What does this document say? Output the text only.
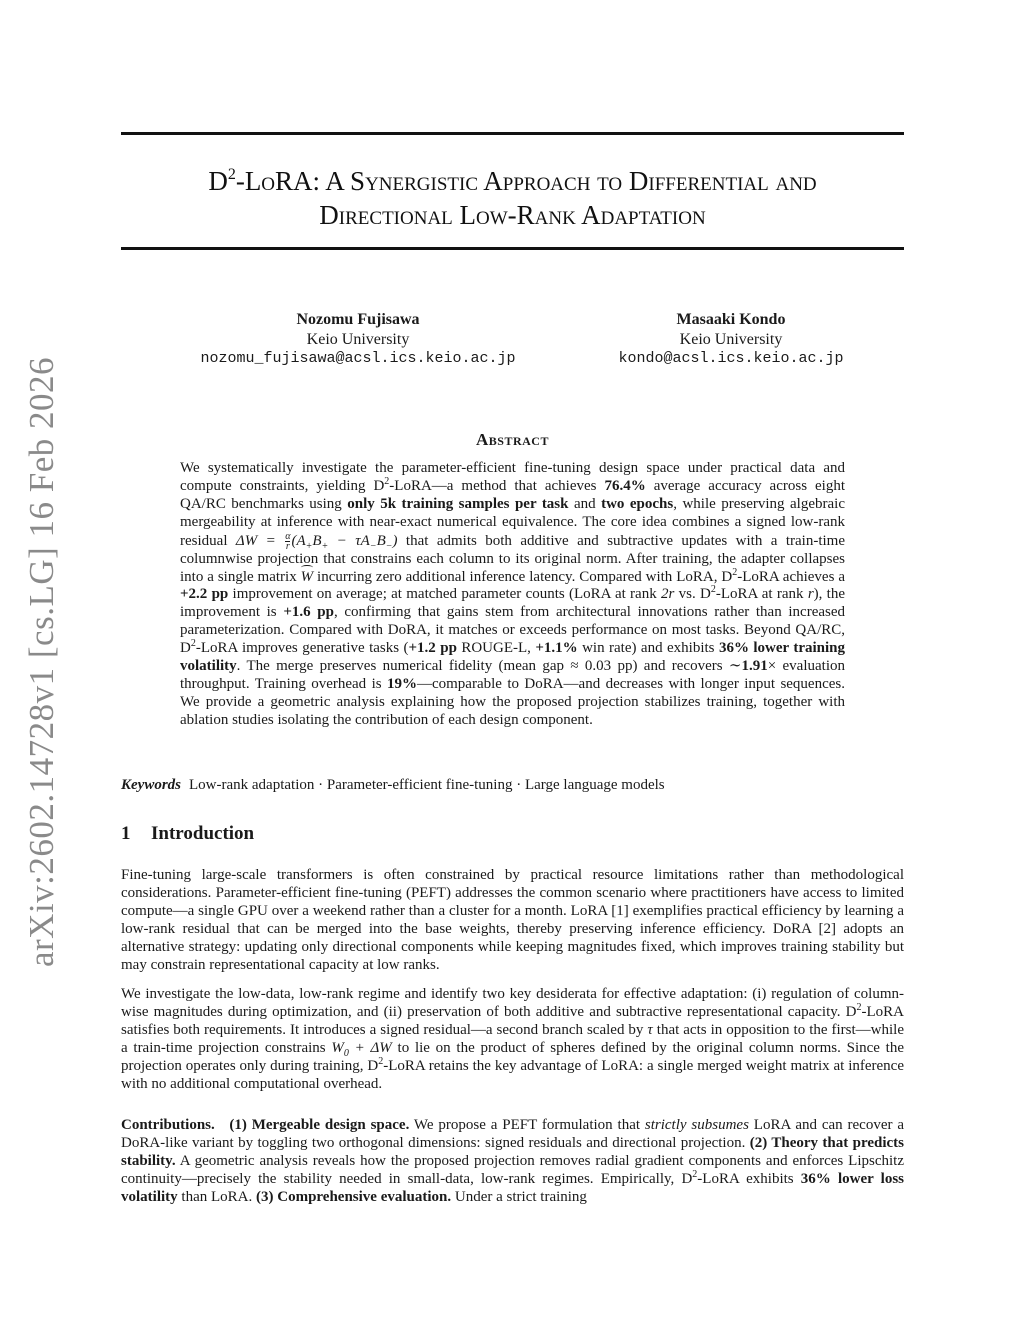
arXiv:2602.14728v1 [cs.LG] 16 Feb 2026
$D^2$-LoRA: A Synergistic Approach to Differential and
Directional Low-Rank Adaptation
Nozomu Fujisawa
Keio University
nozomu_fujisawa@acsl.ics.keio.ac.jp
Masaaki Kondo
Keio University
kondo@acsl.ics.keio.ac.jp
Abstract

We systematically investigate the parameter-efficient fine-tuning design space under practical data and compute constraints, yielding $D^2-LoRA—a$ method that achieves 76.4% average accuracy across eight QA/RC benchmarks using only 5k training samples per task and two epochs, while preserving algebraic mergeability at inference with near-exact numerical equivalence. The core idea combines a signed low-rank residual $\Delta W = \frac{\alpha}{r} (A_+B_+ - \tau A_-B_-)$ that admits both additive and subtractive updates with a train-time columnwise projection that constrains each column to its original norm. After training, the adapter collapses into a single matrix W incurring zero additional inference latency. Compared with LoRA, $D^2$-LoRA achieves a +2.2 pp improvement on average; at matched parameter counts (LoRA at rank 2r vs. $D^2$-LoRA at rank r), the improvement is +1.6 pp, confirming that gains stem from architectural innovations rather than increased parameterization. Compared with DoRA, it matches or exceeds performance on most tasks. Beyond QA/RC, $D^2$-LoRA improves generative tasks (+1.2 pp ROUGE-L, +1.1% win rate) and exhibits 36% lower training volatility. The merge preserves numerical fidelity (mean gap ≈ 0.03 pp) and recovers ∼1.91× evaluation throughput. Training overhead is 19%—comparable to DoRA—and decreases with longer input sequences. We provide a geometric analysis explaining how the proposed projection stabilizes training, together with ablation studies isolating the contribution of each design component.

Keywords Low-rank adaptation · Parameter-efficient fine-tuning · Large language models
1 Introduction

Fine-tuning large-scale transformers is often constrained by practical resource limitations rather than methodological considerations. Parameter-efficient fine-tuning (PEFT) addresses the common scenario where practitioners have access to limited compute—a single GPU over a weekend rather than a cluster for a month. LoRA [1] exemplifies practical efficiency by learning a low-rank residual that can be merged into the base weights, thereby preserving inference efficiency. DoRA [2] adopts an alternative strategy: updating only directional components while keeping magnitudes fixed, which improves training stability but may constrain representational capacity at low ranks.

We investigate the low-data, low-rank regime and identify two key desiderata for effective adaptation: (i) regulation of column-wise magnitudes during optimization, and (ii) preservation of both additive and subtractive representational capacity. $D^2$-LoRA satisfies both requirements. It introduces a signed residual—a second branch scaled by τ that acts in opposition to the first—while a train-time projection constrains $W_0 + \Delta W$ to lie on the product of spheres defined by the original column norms. Since the projection operates only during training, $D^2$-LoRA retains the key advantage of LoRA: a single merged weight matrix at inference with no additional computational overhead.

Contributions. (1) Mergeable design space. We propose a PEFT formulation that strictly subsumes LoRA and can recover a DoRA-like variant by toggling two orthogonal dimensions: signed residuals and directional projection. (2) Theory that predicts stability. A geometric analysis reveals how the proposed projection removes radial gradient components and enforces Lipschitz continuity—precisely the stability needed in small-data, low-rank regimes. Empirically, $D^2$-LoRA exhibits 36% lower loss volatility than LoRA. (3) Comprehensive evaluation. Under a strict training
